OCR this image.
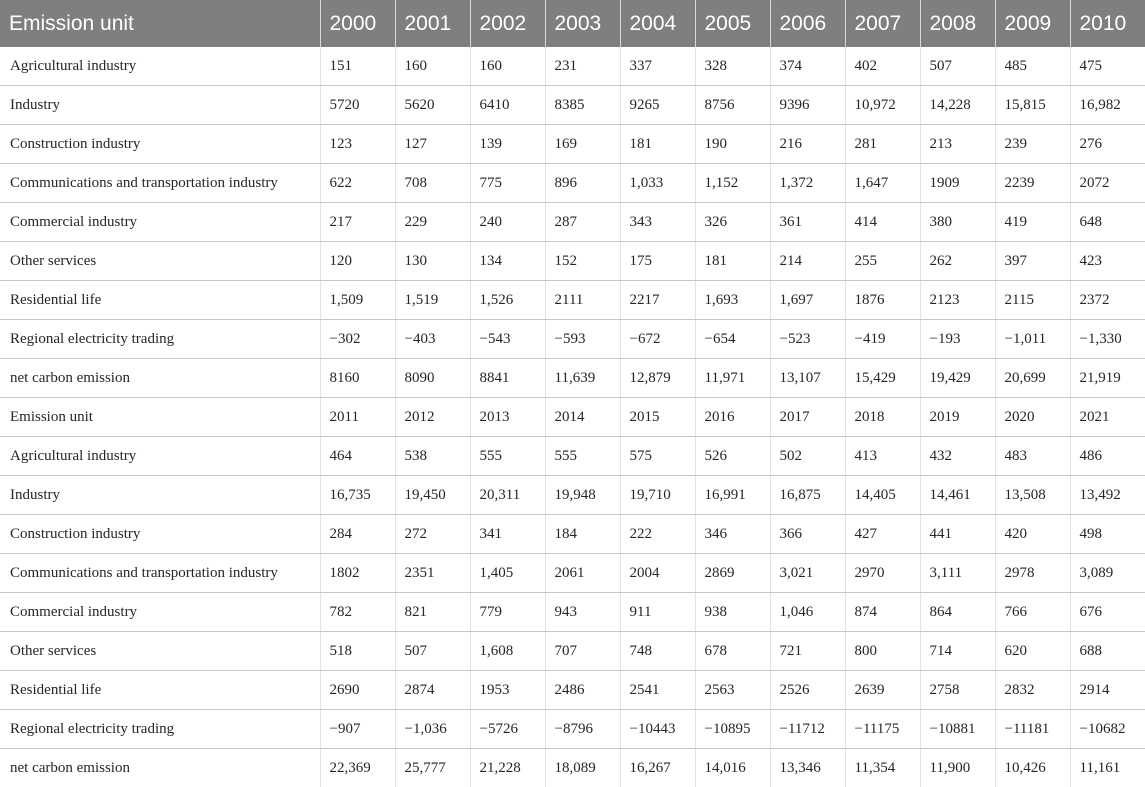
Emission unit	2000	2001	2002	2003	2004	2005	2006	2007	2008	2009	2010
Agricultural industry	151	160	160	231	337	328	374	402	507	485	475
Industry	5720	5620	6410	8385	9265	8756	9396	10,972	14,228	15,815	16,982
Construction industry	123	127	139	169	181	190	216	281	213	239	276
Communications and transportation industry	622	708	775	896	1,033	1,152	1,372	1,647	1909	2239	2072
Commercial industry	217	229	240	287	343	326	361	414	380	419	648
Other services	120	130	134	152	175	181	214	255	262	397	423
Residential life	1,509	1,519	1,526	2111	2217	1,693	1,697	1876	2123	2115	2372
Regional electricity trading	−302	−403	−543	−593	−672	−654	−523	−419	−193	−1,011	−1,330
net carbon emission	8160	8090	8841	11,639	12,879	11,971	13,107	15,429	19,429	20,699	21,919
Emission unit	2011	2012	2013	2014	2015	2016	2017	2018	2019	2020	2021
Agricultural industry	464	538	555	555	575	526	502	413	432	483	486
Industry	16,735	19,450	20,311	19,948	19,710	16,991	16,875	14,405	14,461	13,508	13,492
Construction industry	284	272	341	184	222	346	366	427	441	420	498
Communications and transportation industry	1802	2351	1,405	2061	2004	2869	3,021	2970	3,111	2978	3,089
Commercial industry	782	821	779	943	911	938	1,046	874	864	766	676
Other services	518	507	1,608	707	748	678	721	800	714	620	688
Residential life	2690	2874	1953	2486	2541	2563	2526	2639	2758	2832	2914
Regional electricity trading	−907	−1,036	−5726	−8796	−10443	−10895	−11712	−11175	−10881	−11181	−10682
net carbon emission	22,369	25,777	21,228	18,089	16,267	14,016	13,346	11,354	11,900	10,426	11,161
